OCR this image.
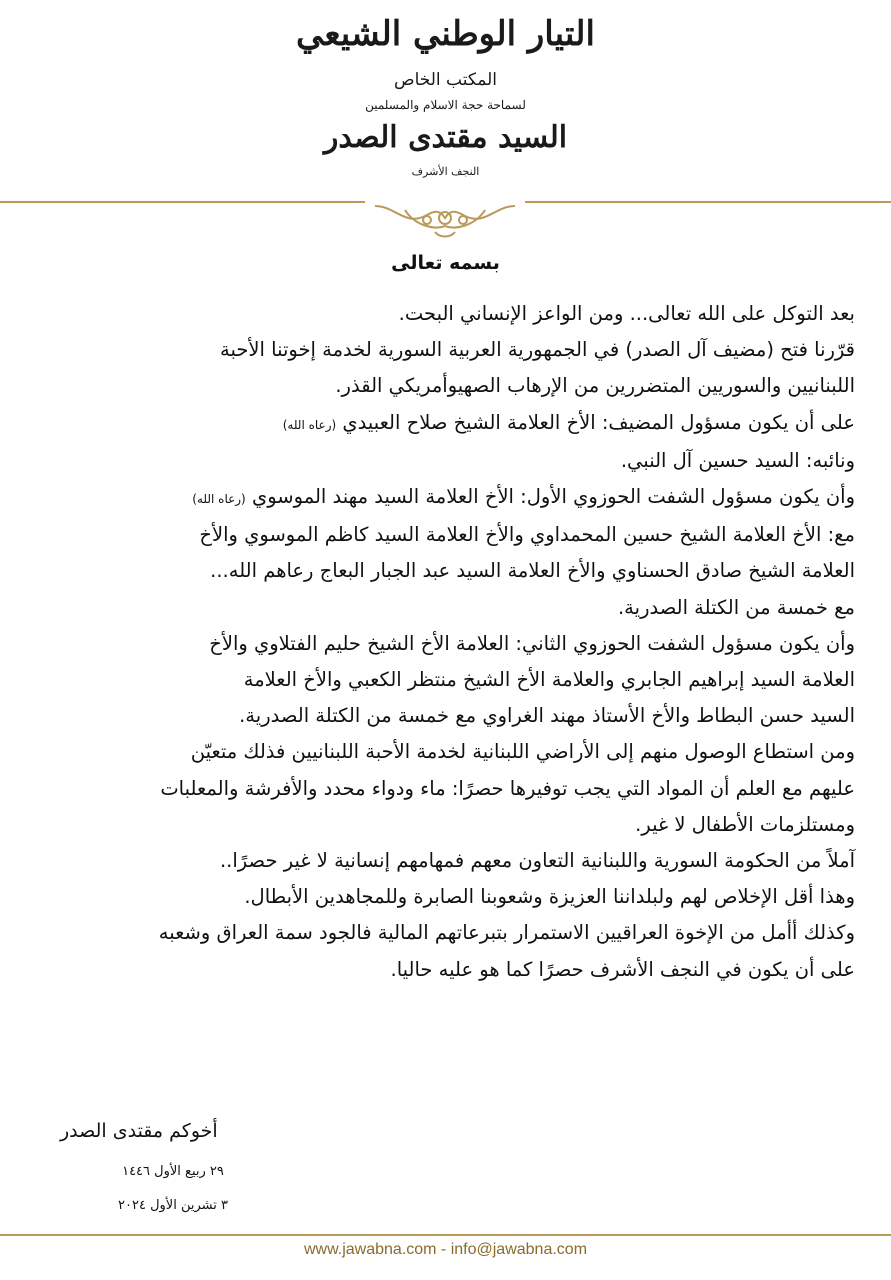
التيار الوطني الشيعي
المكتب الخاص
لسماحة حجة الاسلام والمسلمين
السيد مقتدى الصدر
النجف الأشرف
بسمه تعالى
بعد التوكل على الله تعالى... ومن الواعز الإنساني البحت.
قرّرنا فتح (مضيف آل الصدر) في الجمهورية العربية السورية لخدمة إخوتنا الأحبة
اللبنانيين والسوريين المتضررين من الإرهاب الصهيوأمريكي القذر.
على أن يكون مسؤول المضيف: الأخ العلامة الشيخ صلاح العبيدي (رعاه الله)
ونائبه: السيد حسين آل النبي.
وأن يكون مسؤول الشفت الحوزوي الأول: الأخ العلامة السيد مهند الموسوي (رعاه الله)
مع: الأخ العلامة الشيخ حسين المحمداوي والأخ العلامة السيد كاظم الموسوي والأخ
العلامة الشيخ صادق الحسناوي والأخ العلامة السيد عبد الجبار البعاج رعاهم الله...
مع خمسة من الكتلة الصدرية.
وأن يكون مسؤول الشفت الحوزوي الثاني: العلامة الأخ الشيخ حليم الفتلاوي والأخ
العلامة السيد إبراهيم الجابري والعلامة الأخ الشيخ منتظر الكعبي والأخ العلامة
السيد حسن البطاط والأخ الأستاذ مهند الغراوي مع خمسة من الكتلة الصدرية.
ومن استطاع الوصول منهم إلى الأراضي اللبنانية لخدمة الأحبة اللبنانيين فذلك متعيّن
عليهم مع العلم أن المواد التي يجب توفيرها حصرًا: ماء ودواء محدد والأفرشة والمعلبات
ومستلزمات الأطفال لا غير.
آملاً من الحكومة السورية واللبنانية التعاون معهم فمهامهم إنسانية لا غير حصرًا..
وهذا أقل الإخلاص لهم ولبلداننا العزيزة وشعوبنا الصابرة وللمجاهدين الأبطال.
وكذلك أأمل من الإخوة العراقيين الاستمرار بتبرعاتهم المالية فالجود سمة العراق وشعبه
على أن يكون في النجف الأشرف حصرًا كما هو عليه حاليا.
أخوكم مقتدى الصدر
٢٩ ربيع الأول ١٤٤٦
٣ تشرين الأول ٢٠٢٤
www.jawabna.com - info@jawabna.com
